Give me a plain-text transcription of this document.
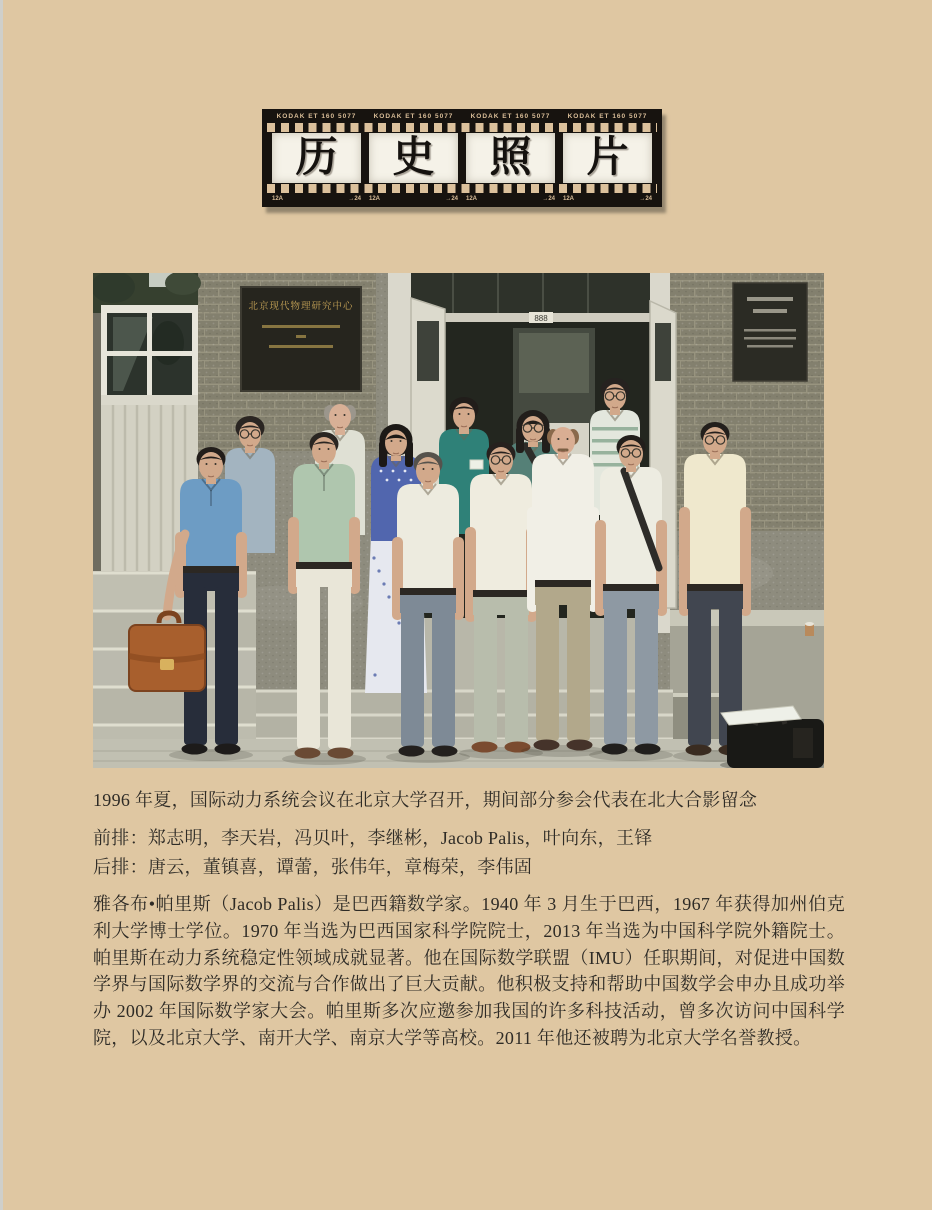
KODAK ET 160 5077	KODAK ET 160 5077	KODAK ET 160 5077	KODAK ET 160 5077
历 史 照 片
12A	→24 12A	→24 12A	→24 12A	→24
888
北京现代物理研究中心

1996 年夏，国际动力系统会议在北京大学召开，期间部分参会代表在北大合影留念

前排：郑志明，李天岩，冯贝叶，李继彬，Jacob Palis，叶向东，王铎

后排：唐云，董镇喜，谭蕾，张伟年，章梅荣，李伟固

雅各布•帕里斯（Jacob Palis）是巴西籍数学家。1940 年 3 月生于巴西，1967 年获得加州伯克利大学博士学位。1970 年当选为巴西国家科学院院士，2013 年当选为中国科学院外籍院士。帕里斯在动力系统稳定性领域成就显著。他在国际数学联盟（IMU）任职期间，对促进中国数学界与国际数学界的交流与合作做出了巨大贡献。他积极支持和帮助中国数学会申办且成功举办 2002 年国际数学家大会。帕里斯多次应邀参加我国的许多科技活动，曾多次访问中国科学院，以及北京大学、南开大学、南京大学等高校。2011 年他还被聘为北京大学名誉教授。
